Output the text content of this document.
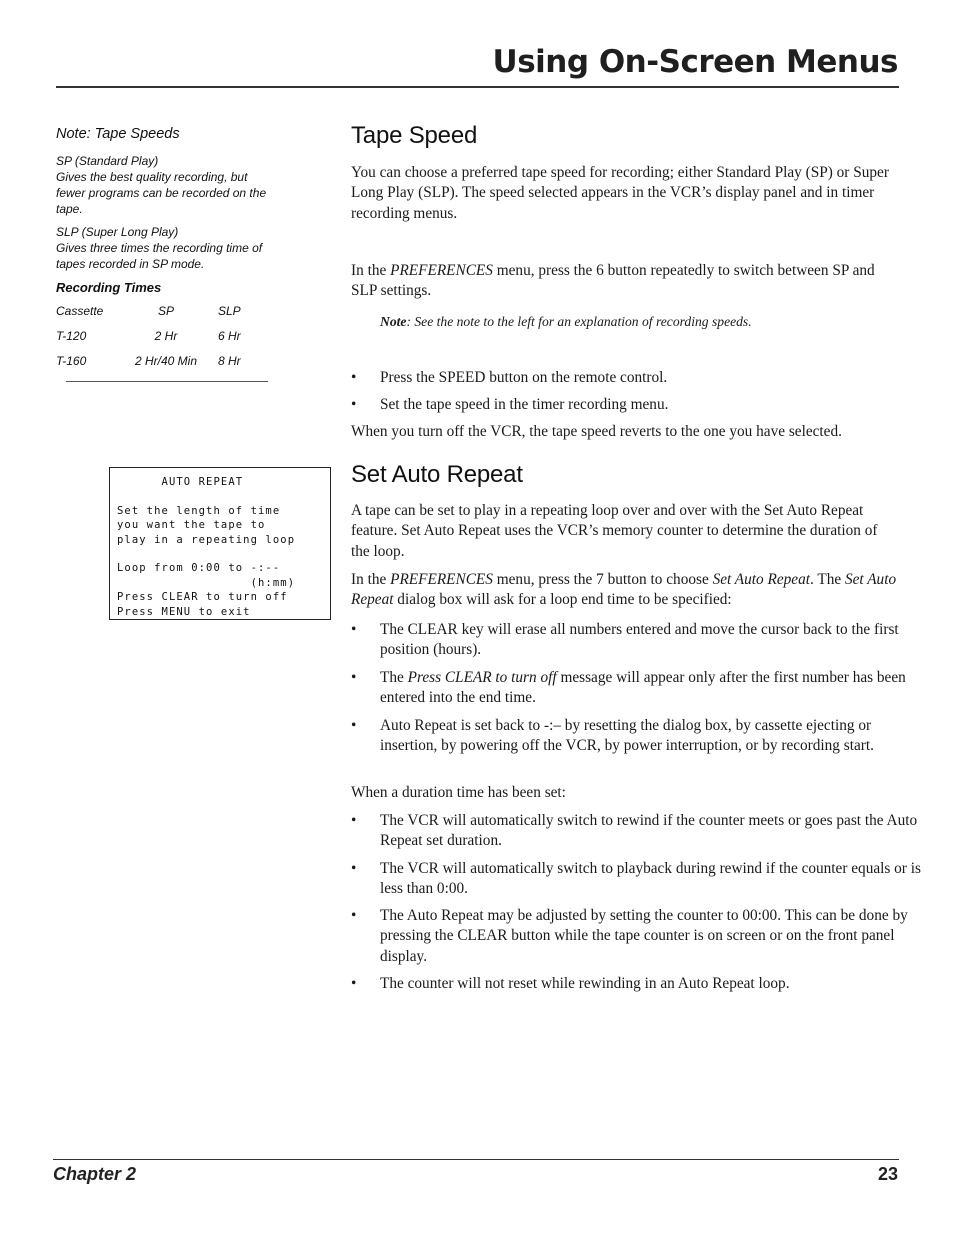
Using On-Screen Menus
Note: Tape Speeds
SP (Standard Play)
Gives the best quality recording, but fewer programs can be recorded on the tape.
SLP (Super Long Play)
Gives three times the recording time of tapes recorded in SP mode.
Recording Times
Cassette	SP	SLP
T-120	2 Hr	6 Hr
T-160	2 Hr/40 Min	8 Hr
AUTO REPEAT

Set the length of time
you want the tape to
play in a repeating loop

Loop from 0:00 to -:--
(h:mm)
Press CLEAR to turn off
Press MENU to exit
Tape Speed

You can choose a preferred tape speed for recording; either Standard Play (SP) or Super Long Play (SLP). The speed selected appears in the VCR’s display panel and in timer recording menus.

In the PREFERENCES menu, press the 6 button repeatedly to switch between SP and SLP settings.

Note: See the note to the left for an explanation of recording speeds.
• Press the SPEED button on the remote control.
• Set the tape speed in the timer recording menu.

When you turn off the VCR, the tape speed reverts to the one you have selected.

Set Auto Repeat

A tape can be set to play in a repeating loop over and over with the Set Auto Repeat feature. Set Auto Repeat uses the VCR’s memory counter to determine the duration of the loop.

In the PREFERENCES menu, press the 7 button to choose Set Auto Repeat. The Set Auto Repeat dialog box will ask for a loop end time to be specified:

• The CLEAR key will erase all numbers entered and move the cursor back to the first position (hours).
• The Press CLEAR to turn off message will appear only after the first number has been entered into the end time.
• Auto Repeat is set back to -:– by resetting the dialog box, by cassette ejecting or insertion, by powering off the VCR, by power interruption, or by recording start.

When a duration time has been set:

• The VCR will automatically switch to rewind if the counter meets or goes past the Auto Repeat set duration.
• The VCR will automatically switch to playback during rewind if the counter equals or is less than 0:00.
• The Auto Repeat may be adjusted by setting the counter to 00:00. This can be done by pressing the CLEAR button while the tape counter is on screen or on the front panel display.
• The counter will not reset while rewinding in an Auto Repeat loop.
Chapter 2	23
